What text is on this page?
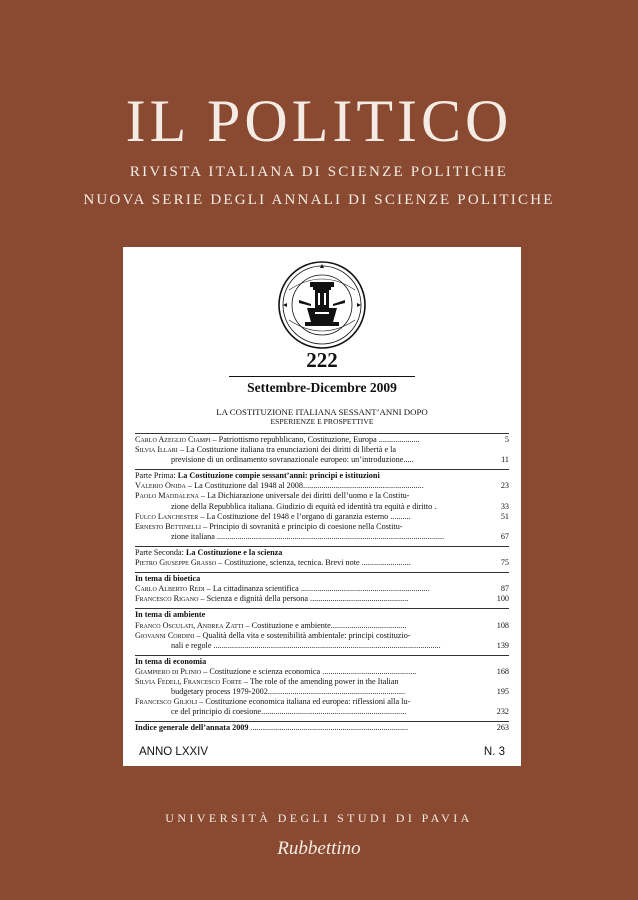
IL POLITICO
RIVISTA ITALIANA DI SCIENZE POLITICHE
NUOVA SERIE DEGLI ANNALI DI SCIENZE POLITICHE
222
Settembre-Dicembre 2009
LA COSTITUZIONE ITALIANA SESSANT’ANNI DOPO
ESPERIENZE E PROSPETTIVE
Carlo Azeglio Ciampi – Patriottismo repubblicano, Costituzione, Europa ....................	5
Silvia Illari – La Costituzione italiana tra enunciazioni dei diritti di libertà e la
previsione di un ordinamento sovranazionale europeo: un’introduzione.....	11
Parte Prima: La Costituzione compie sessant’anni: principi e istituzioni
Valerio Onida – La Costituzione dal 1948 al 2008...........................................................	23
Paolo Maddalena – La Dichiarazione universale dei diritti dell’uomo e la Costitu-
zione della Repubblica italiana. Giudizio di equità ed identità tra equità e diritto .	33
Fulco Lanchester – La Costituzione del 1948 e l’organo di garanzia esterno ..........	51
Ernesto Bettinelli – Principio di sovranità e principio di coesione nella Costitu-
zione italiana ...............................................................................................................	67
Parte Seconda: La Costituzione e la scienza
Pietro Giuseppe Grasso – Costituzione, scienza, tecnica. Brevi note ........................	75
In tema di bioetica
Carlo Alberto Redi – La cittadinanza scientifica ...............................................................	87
Francesco Rigano – Scienza e dignità della persona ................................................	100
In tema di ambiente
Franco Osculati, Andrea Zatti – Costituzione e ambiente.....................................	108
Giovanni Cordini – Qualità della vita e sostenibilità ambientale: principi costituzio-
nali e regole ...............................................................................................................	139
In tema di economia
Giampiero di Plinio – Costituzione e scienza economica ..............................................	168
Silvia Fedeli, Francesco Forte – The role of the amending power in the Italian
budgetary process 1979-2002...................................................................	195
Francesco Gilioli – Costituzione economica italiana ed europea: riflessioni alla lu-
ce del principio di coesione.......................................................................	232
Indice generale dell’annata 2009 .............................................................................	263
ANNO LXXIV	N. 3
UNIVERSITÀ DEGLI STUDI DI PAVIA
Rubbettino
